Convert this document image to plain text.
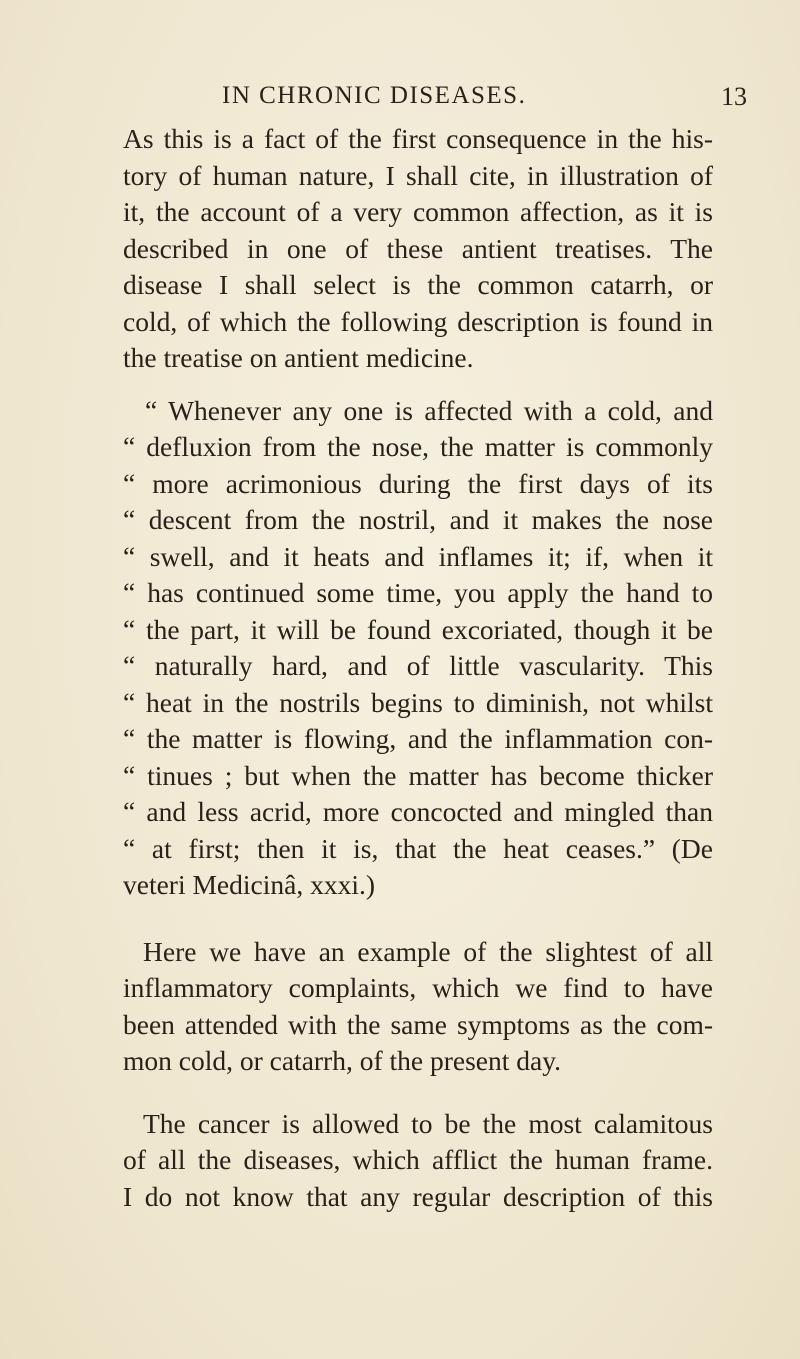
IN CHRONIC DISEASES.	13
As this is a fact of the first consequence in the his-
tory of human nature, I shall cite, in illustration of
it, the account of a very common affection, as it is
described in one of these antient treatises. The
disease I shall select is the common catarrh, or
cold, of which the following description is found in
the treatise on antient medicine.
“ Whenever any one is affected with a cold, and
“ defluxion from the nose, the matter is commonly
“ more acrimonious during the first days of its
“ descent from the nostril, and it makes the nose
“ swell, and it heats and inflames it; if, when it
“ has continued some time, you apply the hand to
“ the part, it will be found excoriated, though it be
“ naturally hard, and of little vascularity. This
“ heat in the nostrils begins to diminish, not whilst
“ the matter is flowing, and the inflammation con-
“ tinues ; but when the matter has become thicker
“ and less acrid, more concocted and mingled than
“ at first; then it is, that the heat ceases.” (De
veteri Medicinâ, xxxi.)
Here we have an example of the slightest of all
inflammatory complaints, which we find to have
been attended with the same symptoms as the com-
mon cold, or catarrh, of the present day.
The cancer is allowed to be the most calamitous
of all the diseases, which afflict the human frame.
I do not know that any regular description of this
